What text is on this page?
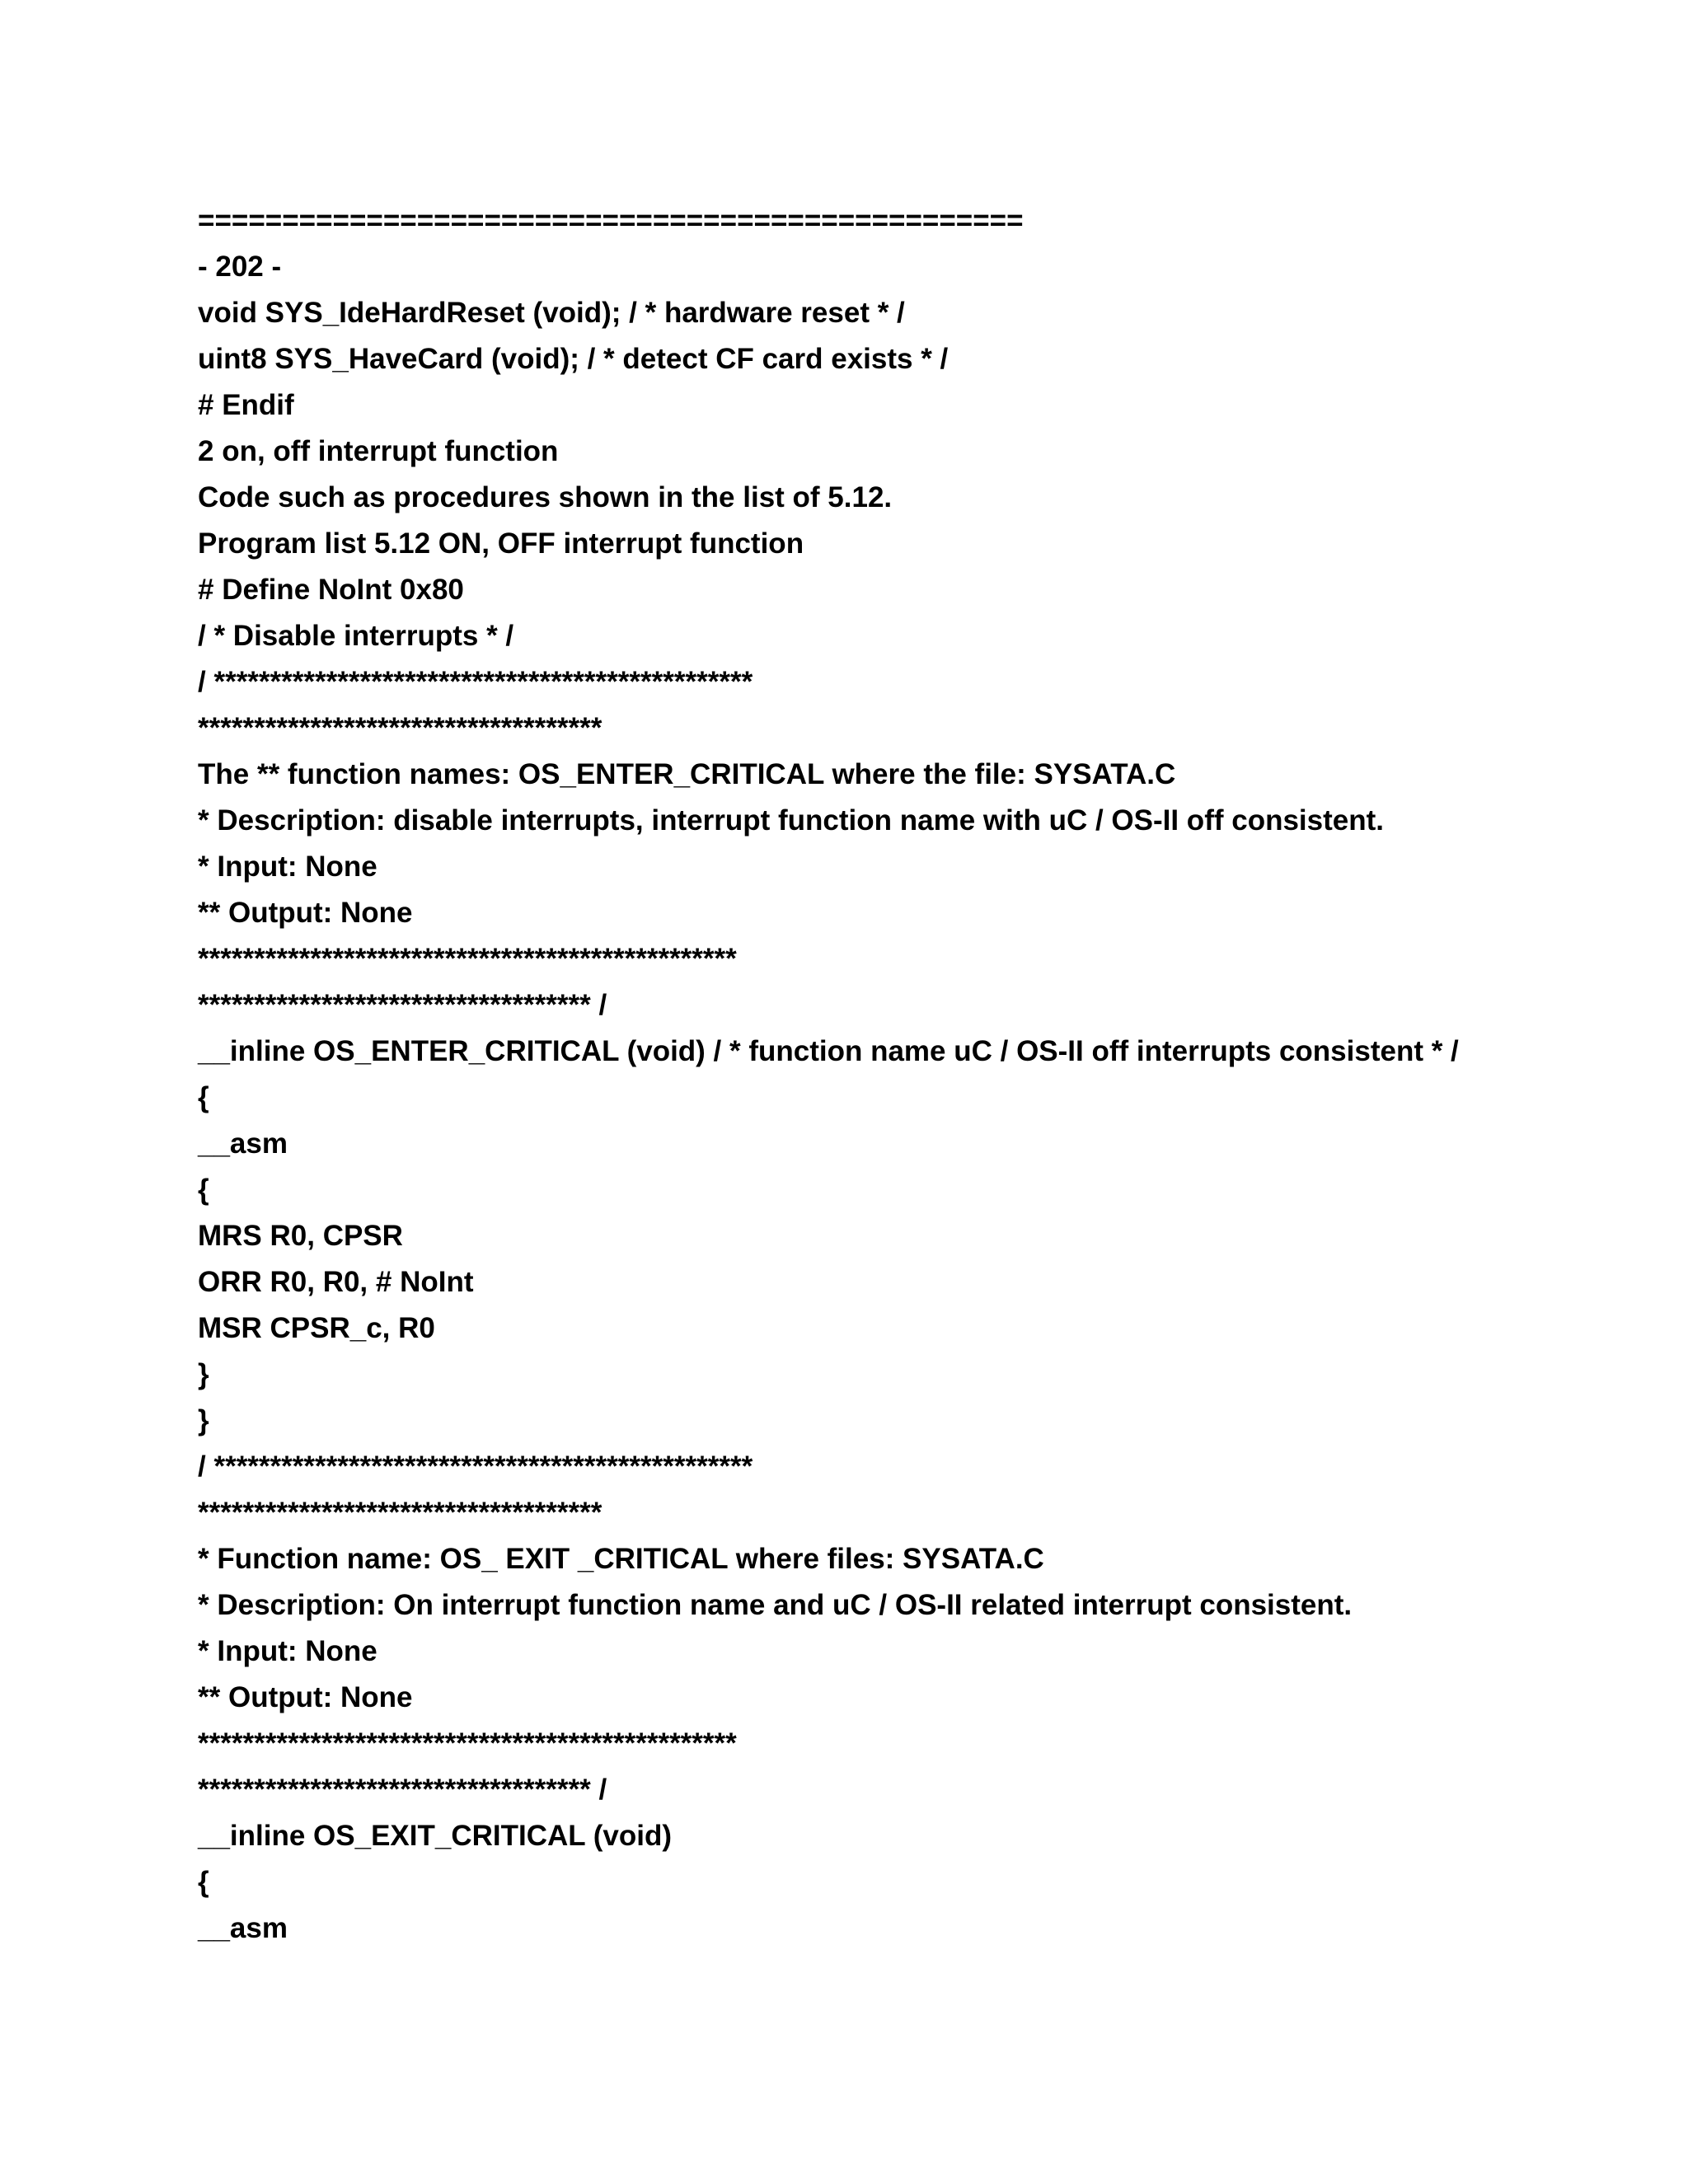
=================================================
- 202 -
void SYS_IdeHardReset (void); / * hardware reset * /
uint8 SYS_HaveCard (void); / * detect CF card exists * /
# Endif
2 on, off interrupt function
Code such as procedures shown in the list of 5.12.
Program list 5.12 ON, OFF interrupt function
# Define NoInt 0x80
/ * Disable interrupts * /
/ ************************************************
************************************
The ** function names: OS_ENTER_CRITICAL where the file: SYSATA.C
* Description: disable interrupts, interrupt function name with uC / OS-II off consistent.
* Input: None
** Output: None
************************************************
*********************************** /
__inline OS_ENTER_CRITICAL (void) / * function name uC / OS-II off interrupts consistent * /
{
__asm
{
MRS R0, CPSR
ORR R0, R0, # NoInt
MSR CPSR_c, R0
}
}
/ ************************************************
************************************
* Function name: OS_ EXIT _CRITICAL where files: SYSATA.C
* Description: On interrupt function name and uC / OS-II related interrupt consistent.
* Input: None
** Output: None
************************************************
*********************************** /
__inline OS_EXIT_CRITICAL (void)
{
__asm
